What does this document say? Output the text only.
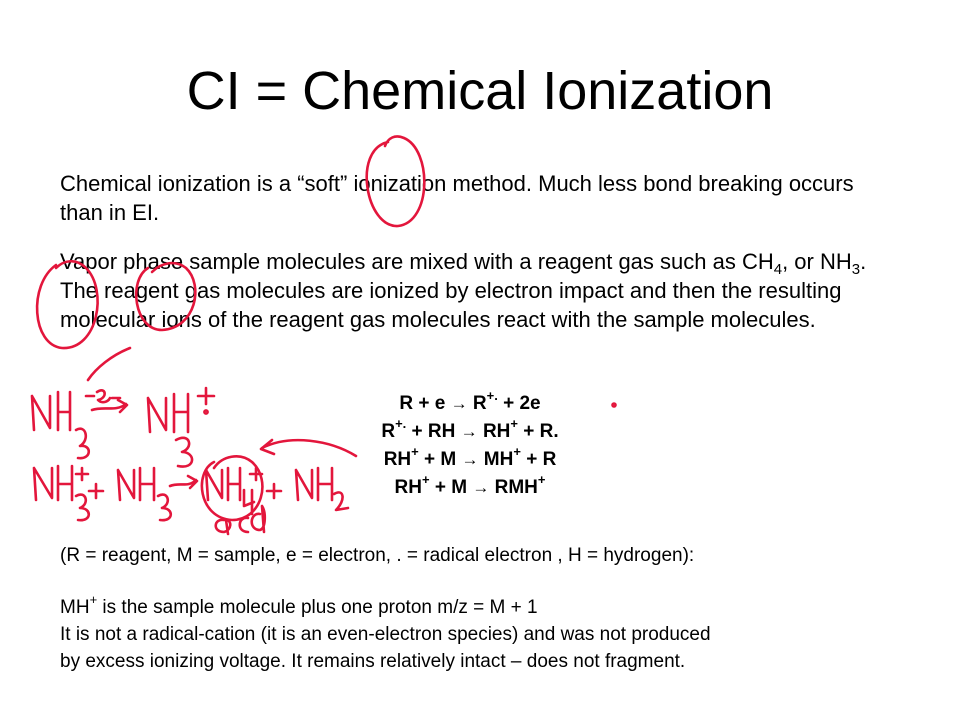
CI = Chemical Ionization

Chemical ionization is a “soft” ionization method. Much less bond breaking occurs than in EI.

Vapor phase sample molecules are mixed with a reagent gas such as $CH_4$, or $NH_3$. The reagent gas molecules are ionized by electron impact and then the resulting molecular ions of the reagent gas molecules react with the sample molecules.

R + e → R+. + 2e
R+. + RH → RH+ + R.
RH+ + M → MH+ + R
RH+ + M → RMH+

(R = reagent, M = sample, e = electron, . = radical electron , H = hydrogen):

MH+ is the sample molecule plus one proton m/z = M + 1

It is not a radical-cation (it is an even-electron species) and was not produced

by excess ionizing voltage. It remains relatively intact – does not fragment.
